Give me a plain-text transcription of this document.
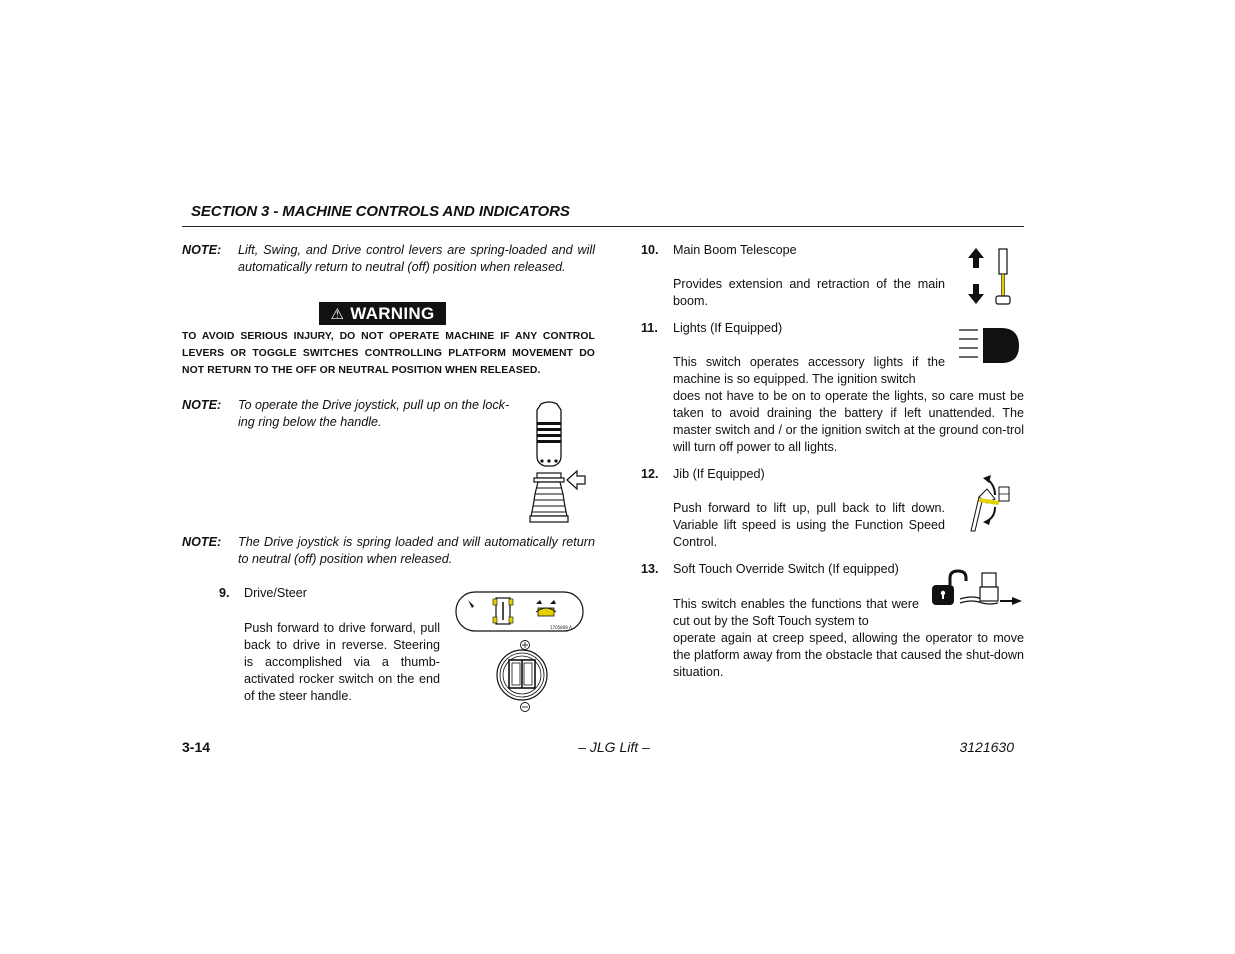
SECTION 3 - MACHINE CONTROLS AND INDICATORS
NOTE: Lift, Swing, and Drive control levers are spring-loaded and will automatically return to neutral (off) position when released.
⚠ WARNING
TO AVOID SERIOUS INJURY, DO NOT OPERATE MACHINE IF ANY CONTROL LEVERS OR TOGGLE SWITCHES CONTROLLING PLATFORM MOVEMENT DO NOT RETURN TO THE OFF OR NEUTRAL POSITION WHEN RELEASED.
NOTE: To operate the Drive joystick, pull up on the lock-ing ring below the handle.
NOTE: The Drive joystick is spring loaded and will automatically return to neutral (off) position when released.
9. Drive/Steer
Push forward to drive forward, pull back to drive in reverse. Steering is accomplished via a thumb-activated rocker switch on the end of the steer handle.
1705808 A
10. Main Boom Telescope
Provides extension and retraction of the main boom.
11. Lights (If Equipped)
This switch operates accessory lights if the machine is so equipped. The ignition switch
does not have to be on to operate the lights, so care must be taken to avoid draining the battery if left unattended. The master switch and / or the ignition switch at the ground con-trol will turn off power to all lights.
12. Jib (If Equipped)
Push forward to lift up, pull back to lift down. Variable lift speed is using the Function Speed Control.
13. Soft Touch Override Switch (If equipped)
This switch enables the functions that were cut out by the Soft Touch system to
operate again at creep speed, allowing the operator to move the platform away from the obstacle that caused the shut-down situation.
3-14	– JLG Lift –	3121630
